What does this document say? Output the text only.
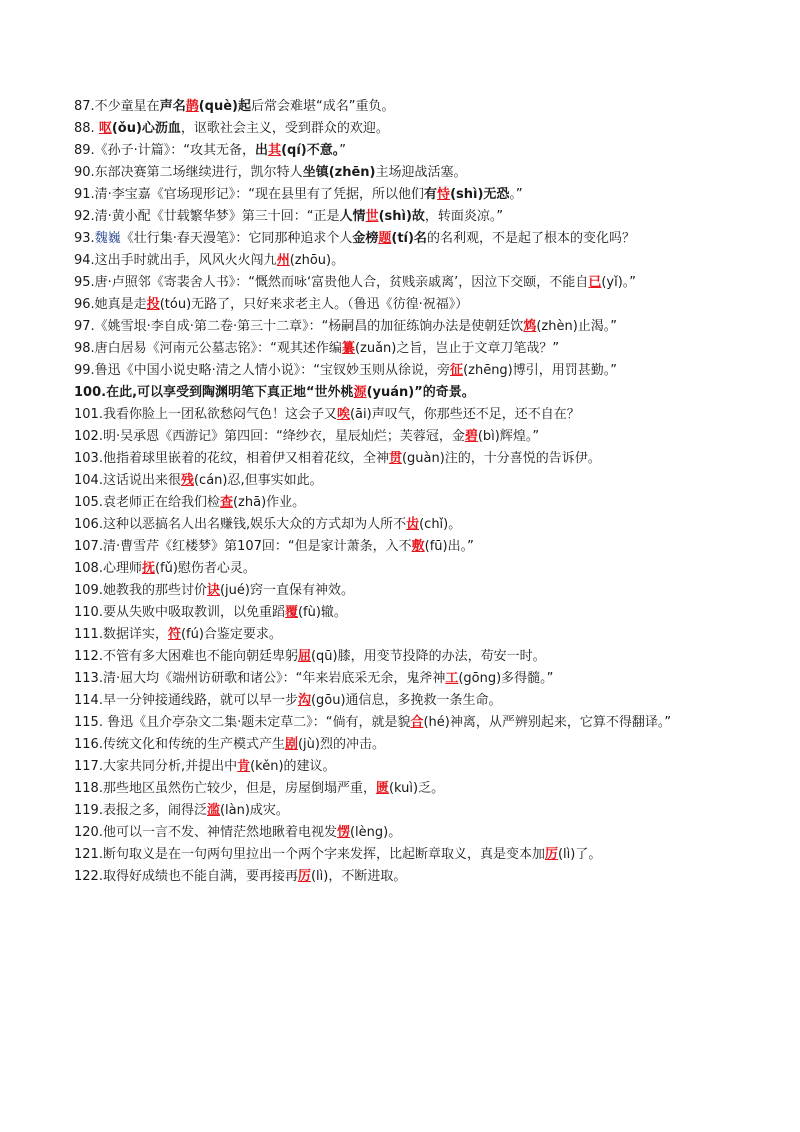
87.不少童星在声名鹊(què)起后常会难堪“成名”重负。
88. 呕(ǒu)心沥血，讴歌社会主义，受到群众的欢迎。
89.《孙子·计篇》：“攻其无备，出其(qí)不意。”
90.东部决赛第二场继续进行，凯尔特人坐镇(zhēn)主场迎战活塞。
91.清·李宝嘉《官场现形记》：“现在县里有了凭据，所以他们有恃(shì)无恐。”
92.清·黄小配《廿载繁华梦》第三十回：“正是人情世(shì)故，转面炎凉。”
93.魏巍《壮行集·春天漫笔》：它同那种追求个人金榜题(tí)名的名利观，不是起了根本的变化吗？
94.这出手时就出手，风风火火闯九州(zhōu)。
95.唐·卢照邻《寄裴舍人书》：“慨然而咏‘富贵他人合，贫贱亲戚离’，因泣下交颐，不能自已(yǐ)。”
96.她真是走投(tóu)无路了，只好来求老主人。（鲁迅《彷徨·祝福》）
97.《姚雪垠·李自成·第二卷·第三十二章》：“杨嗣昌的加征练饷办法是使朝廷饮鸩(zhèn)止渴。”
98.唐白居易《河南元公墓志铭》：“观其述作编纂(zuǎn)之旨，岂止于文章刀笔哉？”
99.鲁迅《中国小说史略·清之人情小说》：“宝钗妙玉则从徐说，旁征(zhēng)博引，用罚甚勤。”
100.在此,可以享受到陶渊明笔下真正地“世外桃源(yuán)”的奇景。
101.我看你脸上一团私欲愁闷气色！这会子又唉(āi)声叹气，你那些还不足，还不自在？
102.明·吴承恩《西游记》第四回：“绛纱衣，星辰灿烂；芙蓉冠，金碧(bì)辉煌。”
103.他指着球里嵌着的花纹，相着伊又相着花纹，全神贯(guàn)注的，十分喜悦的告诉伊。
104.这话说出来很残(cán)忍,但事实如此。
105.袁老师正在给我们检查(zhā)作业。
106.这种以恶搞名人出名赚钱,娱乐大众的方式却为人所不齿(chǐ)。
107.清·曹雪芹《红楼梦》第107回：“但是家计萧条，入不敷(fū)出。”
108.心理师抚(fǔ)慰伤者心灵。
109.她教我的那些讨价诀(jué)窍一直保有神效。
110.要从失败中吸取教训，以免重蹈覆(fù)辙。
111.数据详实，符(fú)合鉴定要求。
112.不管有多大困难也不能向朝廷卑躬屈(qū)膝，用变节投降的办法，苟安一时。
113.清·屈大均《端州访研歌和诸公》：“年来岩底采无余，鬼斧神工(gōng)多得髓。”
114.早一分钟接通线路，就可以早一步沟(gōu)通信息，多挽救一条生命。
115. 鲁迅《且介亭杂文二集·题未定草二》：“倘有，就是貌合(hé)神离，从严辨别起来，它算不得翻译。”
116.传统文化和传统的生产模式产生剧(jù)烈的冲击。
117.大家共同分析,并提出中肯(kěn)的建议。
118.那些地区虽然伤亡较少，但是，房屋倒塌严重，匮(kuì)乏。
119.表报之多，闹得泛滥(làn)成灾。
120.他可以一言不发、神情茫然地瞅着电视发愣(lèng)。
121.断句取义是在一句两句里拉出一个两个字来发挥，比起断章取义，真是变本加厉(lì)了。
122.取得好成绩也不能自满，要再接再厉(lì)，不断进取。
